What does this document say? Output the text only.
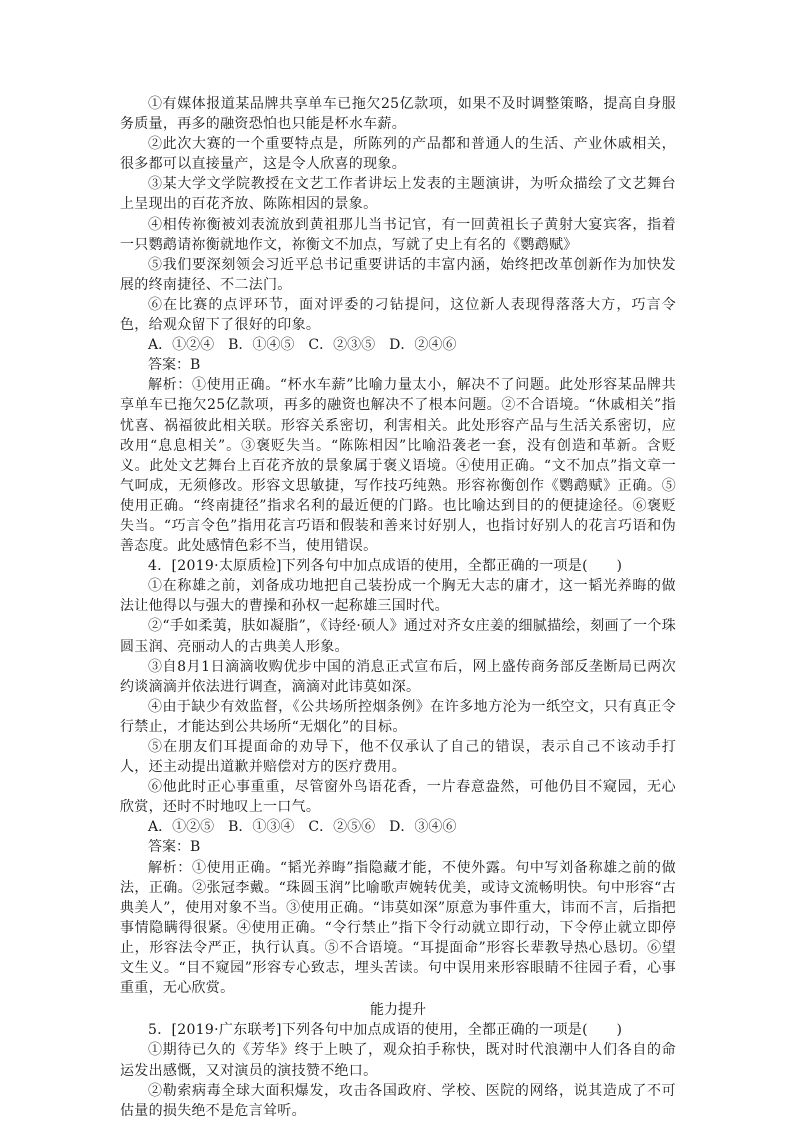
①有媒体报道某品牌共享单车已拖欠25亿款项，如果不及时调整策略，提高自身服务质量，再多的融资恐怕也只能是杯水车薪。

②此次大赛的一个重要特点是，所陈列的产品都和普通人的生活、产业休戚相关，很多都可以直接量产，这是令人欣喜的现象。

③某大学文学院教授在文艺工作者讲坛上发表的主题演讲，为听众描绘了文艺舞台上呈现出的百花齐放、陈陈相因的景象。

④相传祢衡被刘表流放到黄祖那儿当书记官，有一回黄祖长子黄射大宴宾客，指着一只鹦鹉请祢衡就地作文，祢衡文不加点，写就了史上有名的《鹦鹉赋》

⑤我们要深刻领会习近平总书记重要讲话的丰富内涵，始终把改革创新作为加快发展的终南捷径、不二法门。

⑥在比赛的点评环节，面对评委的刁钻提问，这位新人表现得落落大方，巧言令色，给观众留下了很好的印象。

A．①②④　B．①④⑤　C．②③⑤　D．②④⑥

答案：B

解析：①使用正确。“杯水车薪”比喻力量太小，解决不了问题。此处形容某品牌共享单车已拖欠25亿款项，再多的融资也解决不了根本问题。②不合语境。“休戚相关”指忧喜、祸福彼此相关联。形容关系密切，利害相关。此处形容产品与生活关系密切，应改用“息息相关”。③褒贬失当。“陈陈相因”比喻沿袭老一套，没有创造和革新。含贬义。此处文艺舞台上百花齐放的景象属于褒义语境。④使用正确。“文不加点”指文章一气呵成，无须修改。形容文思敏捷，写作技巧纯熟。形容祢衡创作《鹦鹉赋》正确。⑤使用正确。“终南捷径”指求名利的最近便的门路。也比喻达到目的的便捷途径。⑥褒贬失当。“巧言令色”指用花言巧语和假装和善来讨好别人，也指讨好别人的花言巧语和伪善态度。此处感情色彩不当，使用错误。

4．[2019·太原质检]下列各句中加点成语的使用，全都正确的一项是(　　)

①在称雄之前，刘备成功地把自己装扮成一个胸无大志的庸才，这一韬光养晦的做法让他得以与强大的曹操和孙权一起称雄三国时代。

②“手如柔荑，肤如凝脂”，《诗经·硕人》通过对齐女庄姜的细腻描绘，刻画了一个珠圆玉润、亮丽动人的古典美人形象。

③自8月1日滴滴收购优步中国的消息正式宣布后，网上盛传商务部反垄断局已两次约谈滴滴并依法进行调查，滴滴对此讳莫如深。

④由于缺少有效监督，《公共场所控烟条例》在许多地方沦为一纸空文，只有真正令行禁止，才能达到公共场所“无烟化”的目标。

⑤在朋友们耳提面命的劝导下，他不仅承认了自己的错误，表示自己不该动手打人，还主动提出道歉并赔偿对方的医疗费用。

⑥他此时正心事重重，尽管窗外鸟语花香，一片春意盎然，可他仍目不窥园，无心欣赏，还时不时地叹上一口气。

A．①②⑤　B．①③④　C．②⑤⑥　D．③④⑥

答案：B

解析：①使用正确。“韬光养晦”指隐藏才能，不使外露。句中写刘备称雄之前的做法，正确。②张冠李戴。“珠圆玉润”比喻歌声婉转优美，或诗文流畅明快。句中形容“古典美人”，使用对象不当。③使用正确。“讳莫如深”原意为事件重大，讳而不言，后指把事情隐瞒得很紧。④使用正确。“令行禁止”指下令行动就立即行动，下令停止就立即停止，形容法令严正，执行认真。⑤不合语境。“耳提面命”形容长辈教导热心恳切。⑥望文生义。“目不窥园”形容专心致志，埋头苦读。句中误用来形容眼睛不往园子看，心事重重，无心欣赏。

能力提升

5．[2019·广东联考]下列各句中加点成语的使用，全都正确的一项是(　　)

①期待已久的《芳华》终于上映了，观众拍手称快，既对时代浪潮中人们各自的命运发出感慨，又对演员的演技赞不绝口。

②勒索病毒全球大面积爆发，攻击各国政府、学校、医院的网络，说其造成了不可估量的损失绝不是危言耸听。
